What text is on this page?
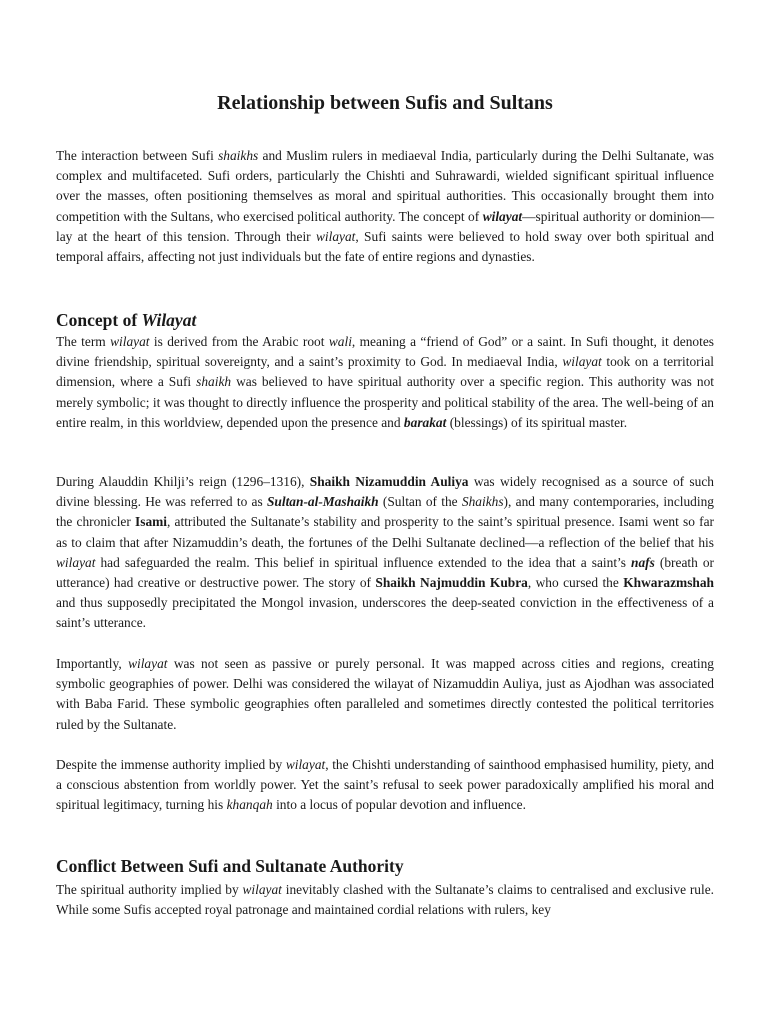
Relationship between Sufis and Sultans

The interaction between Sufi shaikhs and Muslim rulers in mediaeval India, particularly during the Delhi Sultanate, was complex and multifaceted. Sufi orders, particularly the Chishti and Suhrawardi, wielded significant spiritual influence over the masses, often positioning themselves as moral and spiritual authorities. This occasionally brought them into competition with the Sultans, who exercised political authority. The concept of wilayat—spiritual authority or dominion—lay at the heart of this tension. Through their wilayat, Sufi saints were believed to hold sway over both spiritual and temporal affairs, affecting not just individuals but the fate of entire regions and dynasties.

Concept of Wilayat

The term wilayat is derived from the Arabic root wali, meaning a “friend of God” or a saint. In Sufi thought, it denotes divine friendship, spiritual sovereignty, and a saint’s proximity to God. In mediaeval India, wilayat took on a territorial dimension, where a Sufi shaikh was believed to have spiritual authority over a specific region. This authority was not merely symbolic; it was thought to directly influence the prosperity and political stability of the area. The well-being of an entire realm, in this worldview, depended upon the presence and barakat (blessings) of its spiritual master.

During Alauddin Khilji’s reign (1296–1316), Shaikh Nizamuddin Auliya was widely recognised as a source of such divine blessing. He was referred to as Sultan-al-Mashaikh (Sultan of the Shaikhs), and many contemporaries, including the chronicler Isami, attributed the Sultanate’s stability and prosperity to the saint’s spiritual presence. Isami went so far as to claim that after Nizamuddin’s death, the fortunes of the Delhi Sultanate declined—a reflection of the belief that his wilayat had safeguarded the realm. This belief in spiritual influence extended to the idea that a saint’s nafs (breath or utterance) had creative or destructive power. The story of Shaikh Najmuddin Kubra, who cursed the Khwarazmshah and thus supposedly precipitated the Mongol invasion, underscores the deep-seated conviction in the effectiveness of a saint’s utterance.

Importantly, wilayat was not seen as passive or purely personal. It was mapped across cities and regions, creating symbolic geographies of power. Delhi was considered the wilayat of Nizamuddin Auliya, just as Ajodhan was associated with Baba Farid. These symbolic geographies often paralleled and sometimes directly contested the political territories ruled by the Sultanate.

Despite the immense authority implied by wilayat, the Chishti understanding of sainthood emphasised humility, piety, and a conscious abstention from worldly power. Yet the saint’s refusal to seek power paradoxically amplified his moral and spiritual legitimacy, turning his khanqah into a locus of popular devotion and influence.

Conflict Between Sufi and Sultanate Authority

The spiritual authority implied by wilayat inevitably clashed with the Sultanate’s claims to centralised and exclusive rule. While some Sufis accepted royal patronage and maintained cordial relations with rulers, key
